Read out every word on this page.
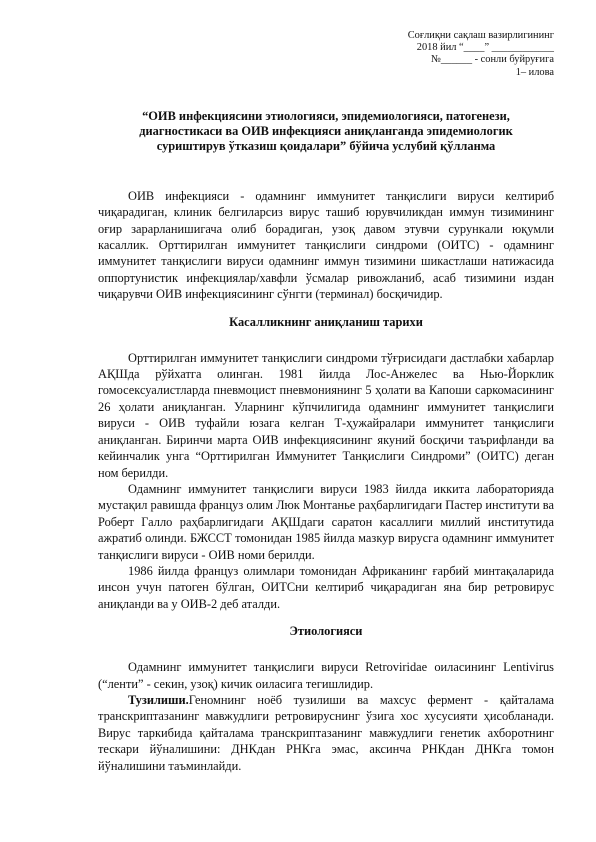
Соғлиқни сақлаш вазирлигининг
2018 йил “____” ____________
№______ - сонли буйруғига
1– илова
“ОИВ инфекциясини этиологияси, эпидемиологияси, патогенези, диагностикаси ва ОИВ инфекцияси аниқланганда эпидемиологик суриштирув ўтказиш қоидалари” бўйича услубий қўлланма

ОИВ инфекцияси - одамнинг иммунитет танқислиги вируси келтириб чиқарадиган, клиник белгиларсиз вирус ташиб юрувчиликдан иммун тизимининг оғир зарарланишигача олиб борадиган, узоқ давом этувчи сурункали юқумли касаллик. Орттирилган иммунитет танқислиги синдроми (ОИТС) - одамнинг иммунитет танқислиги вируси одамнинг иммун тизимини шикастлаши натижасида оппортунистик инфекциялар/хавфли ўсмалар ривожланиб, асаб тизимини издан чиқарувчи ОИВ инфекциясининг сўнгги (терминал) босқичидир.

Касалликнинг аниқланиш тарихи

Орттирилган иммунитет танқислиги синдроми тўғрисидаги дастлабки хабарлар АҚШда рўйхатга олинган. 1981 йилда Лос-Анжелес ва Нью-Йорклик гомосексуалистларда пневмоцист пневмониянинг 5 ҳолати ва Капоши саркомасининг 26 ҳолати аниқланган. Уларнинг кўпчилигида одамнинг иммунитет танқислиги вируси - ОИВ туфайли юзага келган Т-ҳужайралари иммунитет танқислиги аниқланган. Биринчи марта ОИВ инфекциясининг якуний босқичи таърифланди ва кейинчалик унга “Орттирилган Иммунитет Танқислиги Синдроми” (ОИТС) деган ном берилди.

Одамнинг иммунитет танқислиги вируси 1983 йилда иккита лабораторияда мустақил равишда француз олим Люк Монтанье раҳбарлигидаги Пастер институти ва Роберт Галло раҳбарлигидаги АҚШдаги саратон касаллиги миллий институтида ажратиб олинди. БЖССТ томонидан 1985 йилда мазкур вирусга одамнинг иммунитет танқислиги вируси - ОИВ номи берилди.

1986 йилда француз олимлари томонидан Африканинг ғарбий минтақаларида инсон учун патоген бўлган, ОИТСни келтириб чиқарадиган яна бир ретровирус аниқланди ва у ОИВ-2 деб аталди.

Этиологияси

Одамнинг иммунитет танқислиги вируси Retroviridae оиласининг Lentivirus (“ленти” - секин, узоқ) кичик оиласига тегишлидир.

Тузилиши.Геномнинг ноёб тузилиши ва махсус фермент - қайталама транскриптазанинг мавжудлиги ретровируснинг ўзига хос хусусияти ҳисобланади. Вирус таркибида қайталама транскриптазанинг мавжудлиги генетик ахборотнинг тескари йўналишини: ДНКдан РНКга эмас, аксинча РНКдан ДНКга томон йўналишини таъминлайди.
